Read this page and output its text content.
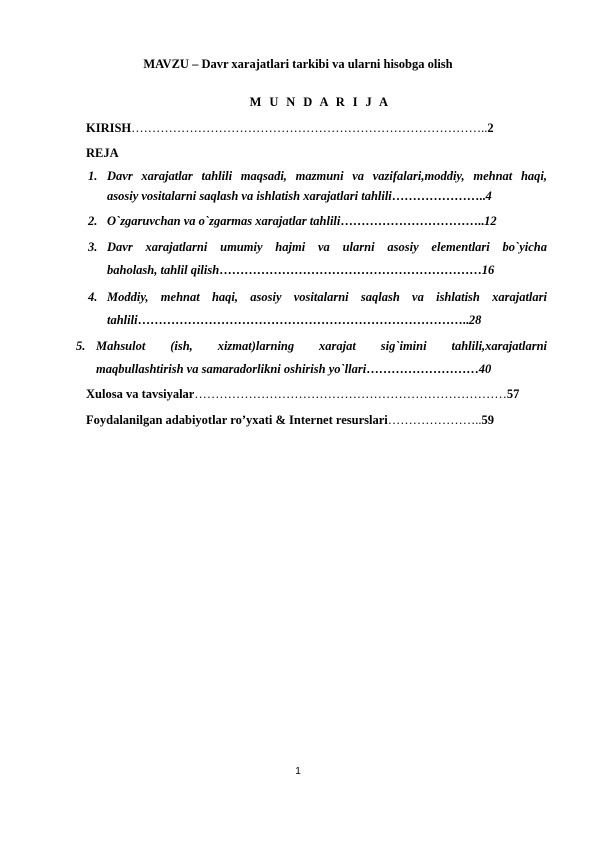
MAVZU – Davr xarajatlari tarkibi va ularni hisobga olish
M U N D A R I J A
KIRISH…………………………………………………………………………..2
REJA
1. Davr xarajatlar tahlili maqsadi, mazmuni va vazifalari,moddiy, mehnat haqi,
asosiy vositalarni saqlash va ishlatish xarajatlari tahlili…………………..4
2. O`zgaruvchan va o`zgarmas xarajatlar tahlili……………………………..12
3. Davr xarajatlarni umumiy hajmi va ularni asosiy elementlari bo`yicha
baholash, tahlil qilish………………………………………………………16
4. Moddiy, mehnat haqi, asosiy vositalarni saqlash va ishlatish xarajatlari
tahlili……………………………………………………………………..28
5. Mahsulot (ish, xizmat)larning xarajat sig`imini tahlili,xarajatlarni
maqbullashtirish va samaradorlikni oshirish yo`llari………………………40
Xulosa va tavsiyalar…………………………………………………………………57
Foydalanilgan adabiyotlar ro’yxati & Internet resurslari…………………..59
1
